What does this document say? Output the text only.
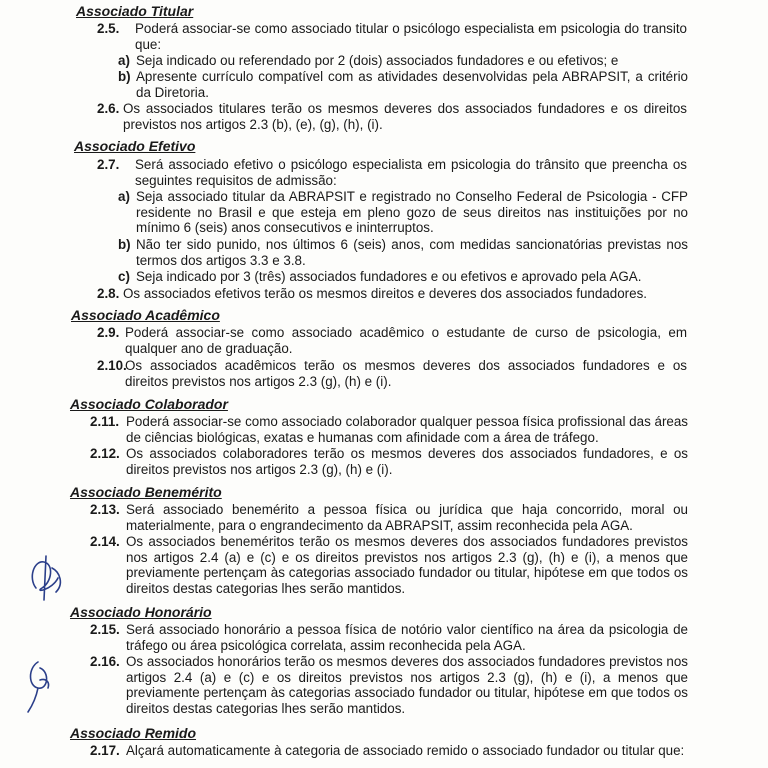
Associado Titular
2.5.	Poderá associar-se como associado titular o psicólogo especialista em psicologia do transito que:
a) Seja indicado ou referendado por 2 (dois) associados fundadores e ou efetivos; e
b) Apresente currículo compatível com as atividades desenvolvidas pela ABRAPSIT, a critério da Diretoria.
2.6. Os associados titulares terão os mesmos deveres dos associados fundadores e os direitos previstos nos artigos 2.3 (b), (e), (g), (h), (i).
Associado Efetivo
2.7.	Será associado efetivo o psicólogo especialista em psicologia do trânsito que preencha os seguintes requisitos de admissão:
a) Seja associado titular da ABRAPSIT e registrado no Conselho Federal de Psicologia - CFP residente no Brasil e que esteja em pleno gozo de seus direitos nas instituições por no mínimo 6 (seis) anos consecutivos e ininterruptos.
b) Não ter sido punido, nos últimos 6 (seis) anos, com medidas sancionatórias previstas nos termos dos artigos 3.3 e 3.8.
c) Seja indicado por 3 (três) associados fundadores e ou efetivos e aprovado pela AGA.
2.8. Os associados efetivos terão os mesmos direitos e deveres dos associados fundadores.
Associado Acadêmico
2.9. Poderá associar-se como associado acadêmico o estudante de curso de psicologia, em qualquer ano de graduação.
2.10.
Os associados acadêmicos terão os mesmos deveres dos associados fundadores e os direitos previstos nos artigos 2.3 (g), (h) e (i).
Associado Colaborador
2.11. Poderá associar-se como associado colaborador qualquer pessoa física profissional das áreas de ciências biológicas, exatas e humanas com afinidade com a área de tráfego.
2.12. Os associados colaboradores terão os mesmos deveres dos associados fundadores, e os direitos previstos nos artigos 2.3 (g), (h) e (i).
Associado Benemérito
2.13. Será associado benemérito a pessoa física ou jurídica que haja concorrido, moral ou materialmente, para o engrandecimento da ABRAPSIT, assim reconhecida pela AGA.
2.14. Os associados beneméritos terão os mesmos deveres dos associados fundadores previstos nos artigos 2.4 (a) e (c) e os direitos previstos nos artigos 2.3 (g), (h) e (i), a menos que previamente pertençam às categorias associado fundador ou titular, hipótese em que todos os direitos destas categorias lhes serão mantidos.
Associado Honorário
2.15. Será associado honorário a pessoa física de notório valor científico na área da psicologia de tráfego ou área psicológica correlata, assim reconhecida pela AGA.
2.16. Os associados honorários terão os mesmos deveres dos associados fundadores previstos nos artigos 2.4 (a) e (c) e os direitos previstos nos artigos 2.3 (g), (h) e (i), a menos que previamente pertençam às categorias associado fundador ou titular, hipótese em que todos os direitos destas categorias lhes serão mantidos.
Associado Remido
2.17. Alçará automaticamente à categoria de associado remido o associado fundador ou titular que:
